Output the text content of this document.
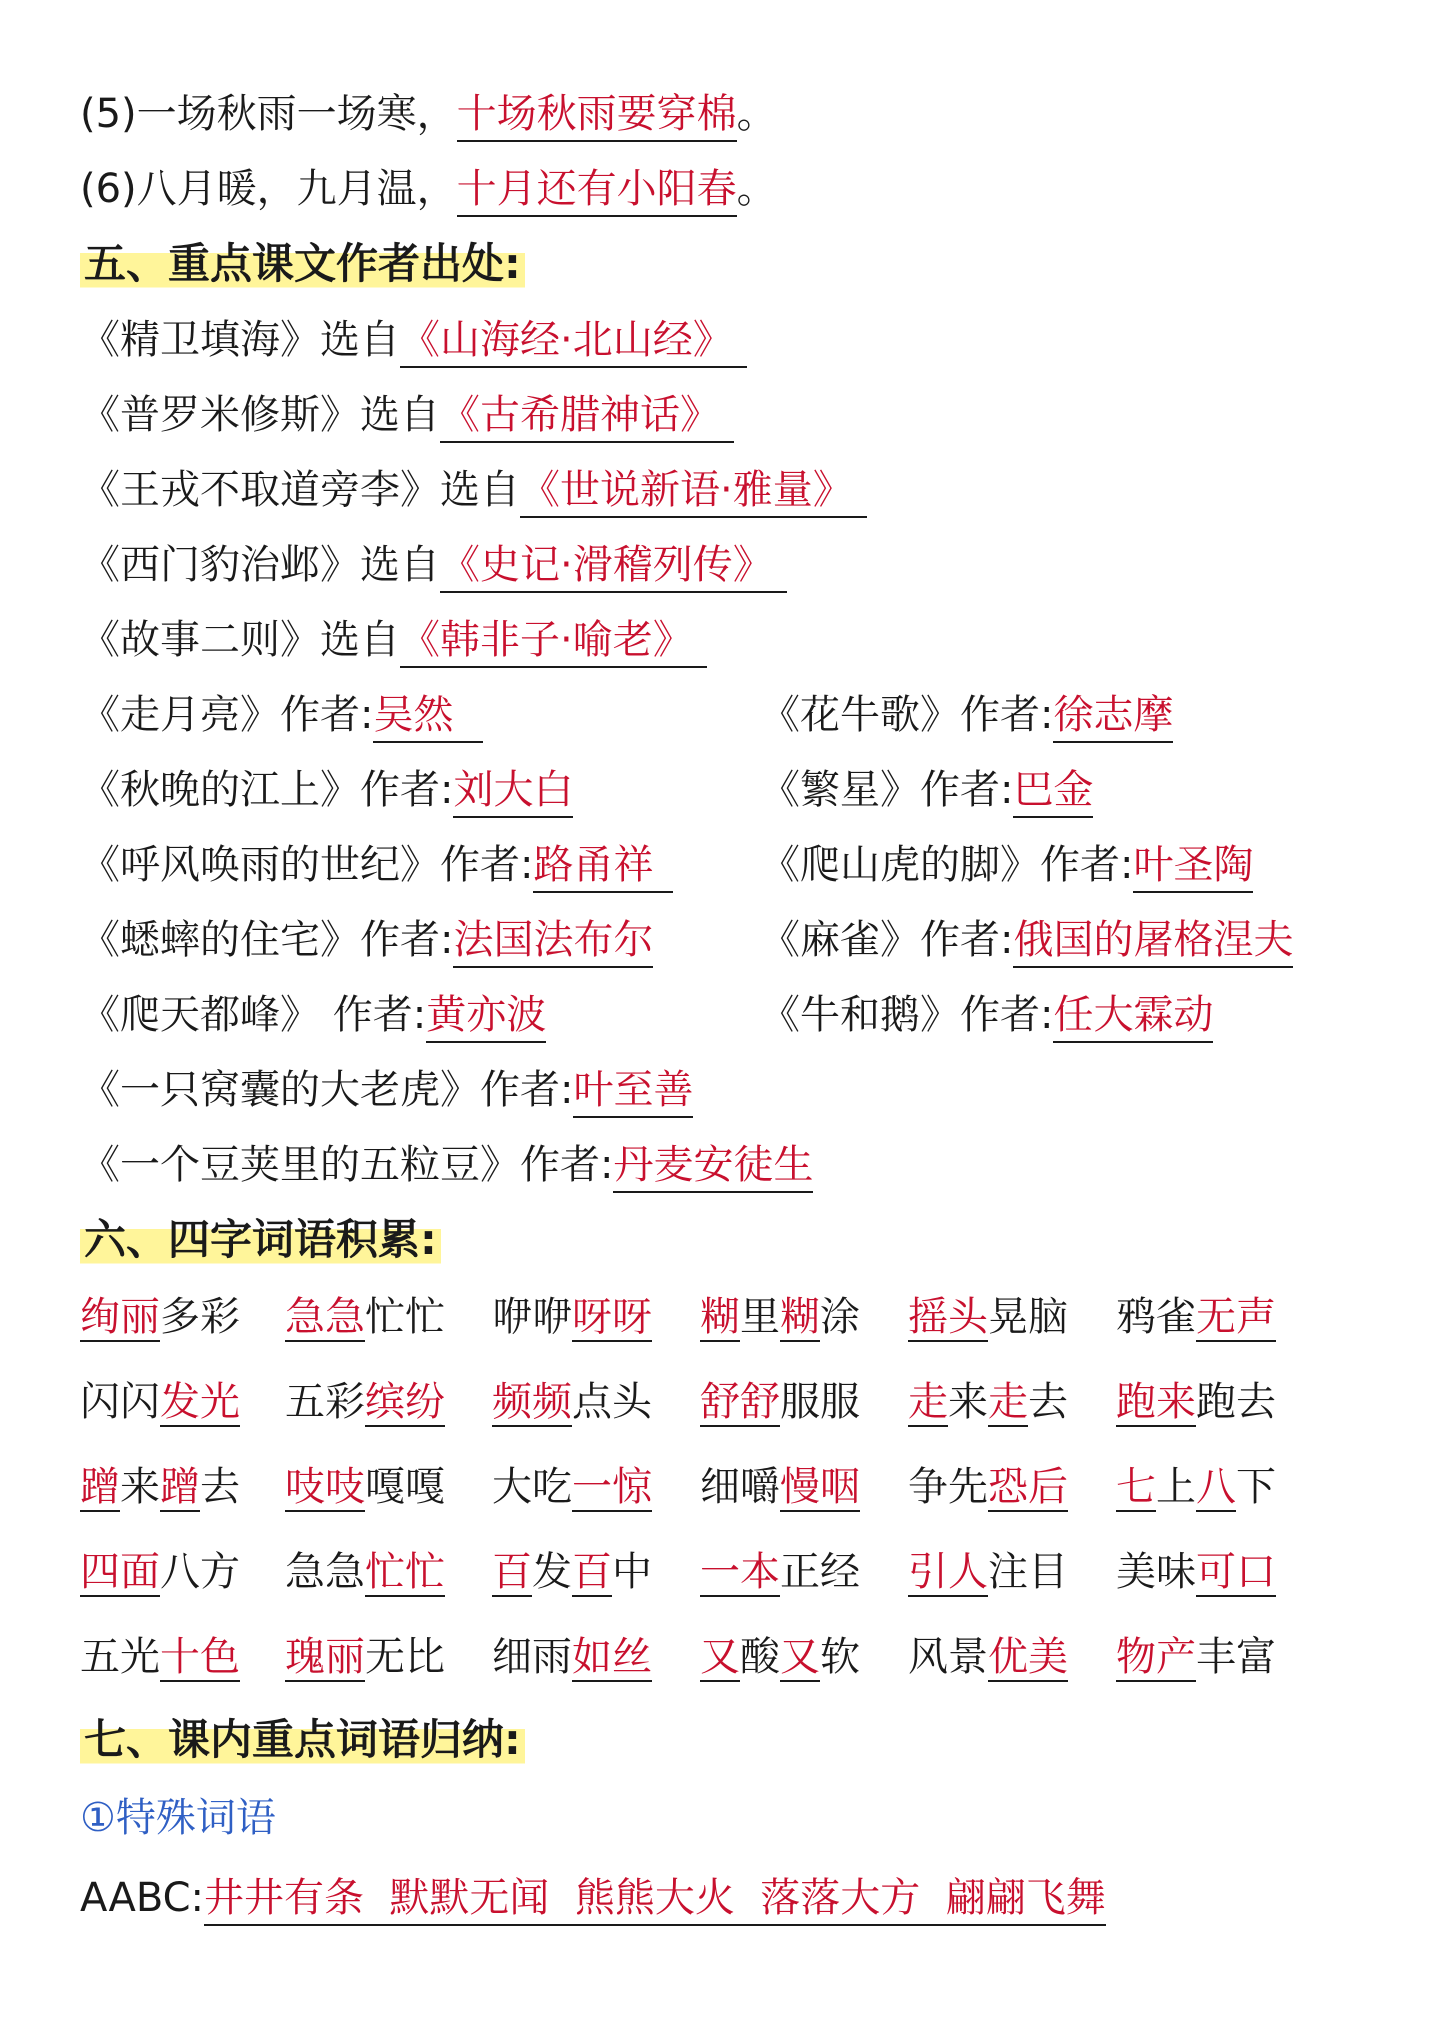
(5)一场秋雨一场寒，十场秋雨要穿棉。
(6)八月暖，九月温，十月还有小阳春。
五、重点课文作者出处:
《精卫填海》选自《山海经·北山经》
《普罗米修斯》选自《古希腊神话》
《王戎不取道旁李》选自《世说新语·雅量》
《西门豹治邺》选自《史记·滑稽列传》
《故事二则》选自《韩非子·喻老》
《走月亮》作者:吴然	《花牛歌》作者:徐志摩
《秋晚的江上》作者:刘大白	《繁星》作者:巴金
《呼风唤雨的世纪》作者:路甬祥	《爬山虎的脚》作者:叶圣陶
《蟋蟀的住宅》作者:法国法布尔	《麻雀》作者:俄国的屠格涅夫
《爬天都峰》 作者:黄亦波	《牛和鹅》作者:任大霖动
《一只窝囊的大老虎》作者:叶至善
《一个豆荚里的五粒豆》作者:丹麦安徒生
六、四字词语积累:
绚丽多彩 急急忙忙 咿咿呀呀 糊里糊涂 摇头晃脑 鸦雀无声
闪闪发光 五彩缤纷 频频点头 舒舒服服 走来走去 跑来跑去
蹭来蹭去 吱吱嘎嘎 大吃一惊 细嚼慢咽 争先恐后 七上八下
四面八方 急急忙忙 百发百中 一本正经 引人注目 美味可口
五光十色 瑰丽无比 细雨如丝 又酸又软 风景优美 物产丰富
七、课内重点词语归纳:
①特殊词语
AABC:井井有条  默默无闻  熊熊大火  落落大方  翩翩飞舞
